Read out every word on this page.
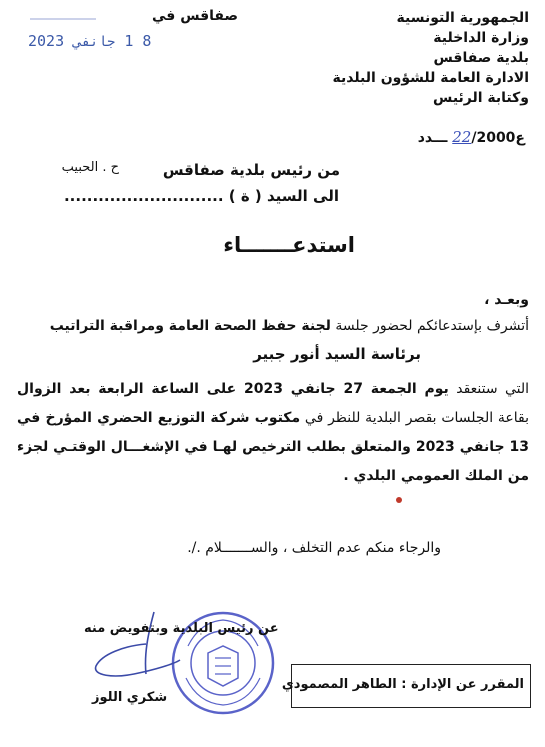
الجمهورية التونسية
وزارة الداخلية
بلدية صفاقس
الادارة العامة للشؤون البلدية
وكتابة الرئيس
ع22/2000 ـــدد
صفاقس في
2023 جانفي 1 8
ح . الحبيب	من رئيس بلدية صفاقس
الى السيد ( ة ) ............................
استدعـــــــاء
وبعـد ،
أتشرف بإستدعائكم لحضور جلسة لجنة حفظ الصحة العامة ومراقبة التراتيب
برئاسة السيد أنور جبير
التي ستنعقد يوم الجمعة 27 جانفي 2023 على الساعة الرابعة بعد الزوال بقاعة الجلسات بقصر البلدية للنظر في مكتوب شركة التوزيع الحضري المؤرخ في 13 جانفي 2023 والمتعلق بطلب الترخيص لهـا في الإشغـــال الوقتـي لجزء من الملك العمومي البلدي .
والرجاء منكم عدم التخلف ، والســـــــلام ./.
عن رئيس البلدية وبتفويض منه
شكري اللوز
المقرر عن الإدارة : الطاهر المصمودي
